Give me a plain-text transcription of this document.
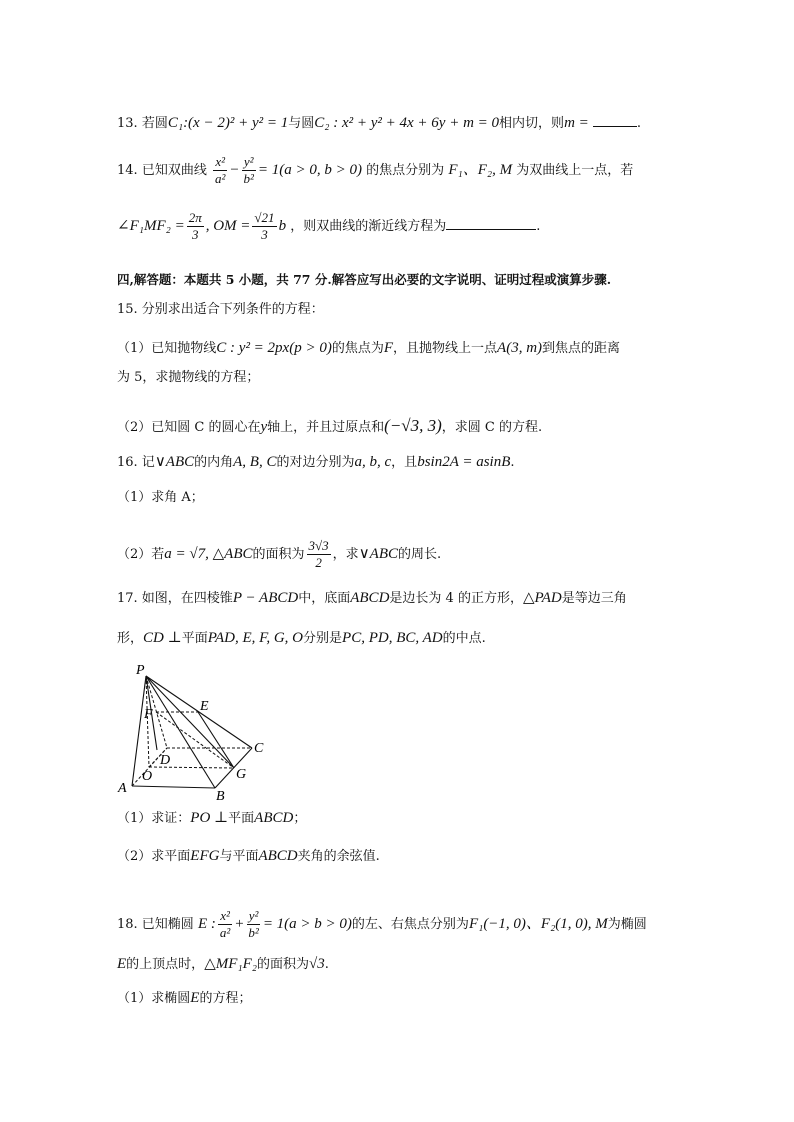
13. 若圆C₁:(x − 2)² + y² = 1与圆C₂ : x² + y² + 4x + 6y + m = 0相内切，则m =	.
14. 已知双曲线 $\frac{\text{x²}}{\text{a²}} - \frac{\text{y²}}{\text{b²}} = 1(a > 0$, b > 0) 的焦点分别为 F₁、F₂, M 为双曲线上一点，若
∠F₁MF₂ = $\frac{2\pi}{3}$ , OM = $\frac{√21}{3}$ b ，则双曲线的渐近线方程为	.
四,解答题：本题共 5 小题，共 77 分.解答应写出必要的文字说明、证明过程或演算步骤.
15. 分别求出适合下列条件的方程：
（1）已知抛物线C : y² = 2px(p > 0)的焦点为F，且抛物线上一点A(3, m)到焦点的距离
为 5，求抛物线的方程；
（2）已知圆 C 的圆心在y轴上，并且过原点和(−√3, 3)，求圆 C 的方程.
16. 记∨ABC的内角A, B, C的对边分别为a, b, c，且bsin2A = asinB.
（1）求角 A；
（2）若a = √7, △ABC的面积为 $\frac{3√3}{2}$ ，求∨ABC的周长.
17. 如图，在四棱锥P − ABCD中，底面ABCD是边长为 4 的正方形，△PAD是等边三角
形，CD ⊥平面PAD, E, F, G, O分别是PC, PD, BC, AD的中点.
P
E
F
D
C
O	G
A
B
（1）求证：PO ⊥平面ABCD；
（2）求平面EFG与平面ABCD夹角的余弦值.
18. 已知椭圆 E : $\frac{\text{x²}}{\text{a²}} + \frac{\text{y²}}{\text{b²}} = 1(a > b > 0)$的左、右焦点分别为F₁(−1, 0)、F₂(1, 0), M为椭圆
E的上顶点时，△MF₁F₂的面积为√3.
（1）求椭圆E的方程；
